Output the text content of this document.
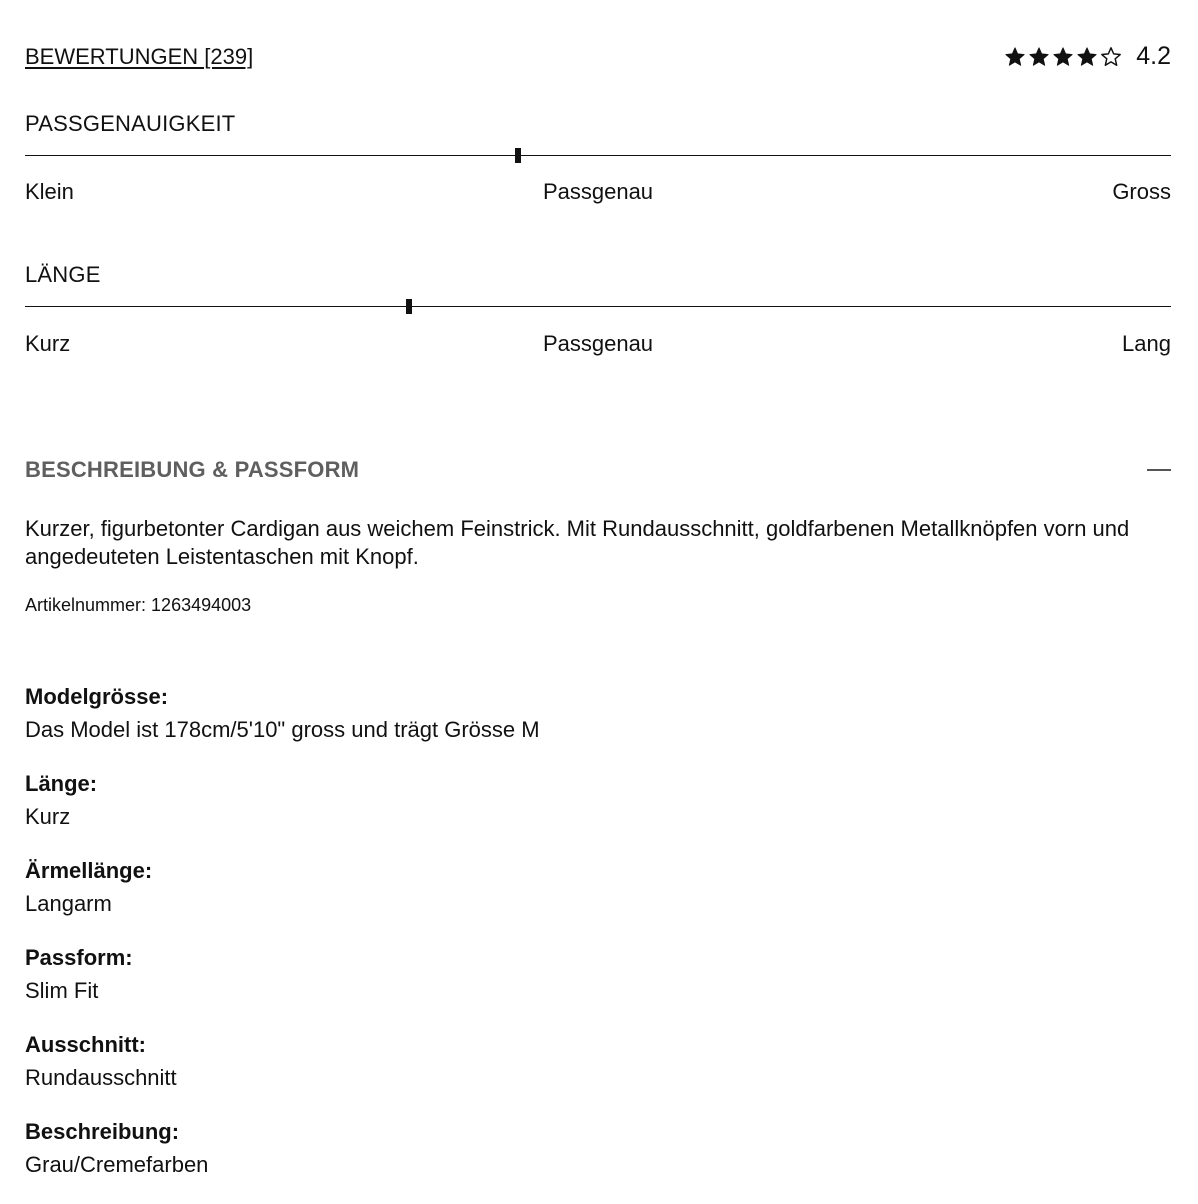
BEWERTUNGEN [239]	4.2
PASSGENAUIGKEIT
Klein	Passgenau	Gross
LÄNGE
Kurz	Passgenau	Lang
BESCHREIBUNG & PASSFORM
Kurzer, figurbetonter Cardigan aus weichem Feinstrick. Mit Rundausschnitt, goldfarbenen Metallknöpfen vorn und angedeuteten Leistentaschen mit Knopf.
Artikelnummer: 1263494003

Modelgrösse:

Das Model ist 178cm/5'10" gross und trägt Grösse M

Länge:

Kurz

Ärmellänge:

Langarm

Passform:

Slim Fit

Ausschnitt:

Rundausschnitt

Beschreibung:

Grau/Cremefarben
